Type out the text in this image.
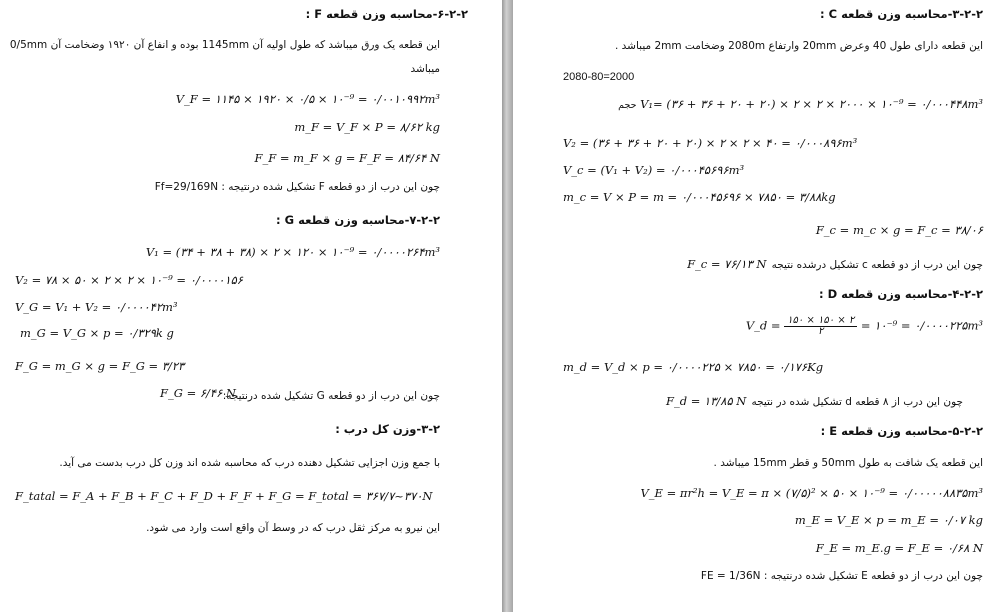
۶-۲-۲-محاسبه وزن قطعه F :
این قطعه یک ورق میباشد که طول اولیه آن 1145mm بوده و انفاع آن ۱۹۲۰ وضخامت آن 0/5mm
میباشد
V_F = ۱۱۴۵ × ۱۹۲۰ × ۰/۵ × ۱۰⁻⁹ = ۰/۰۰۱۰۹۹۲m³
m_F = V_F × P = ۸/۶۲ kg
F_F = m_F × g = F_F = ۸۴/۶۴ N
چون این درب از دو قطعه F تشکیل شده درنتیجه : Ff=29/169N
۷-۲-۲-محاسبه وزن قطعه G :
V₁ = (۳۴ + ۳۸ + ۳۸) × ۲ × ۱۲۰ × ۱۰⁻⁹ = ۰/۰۰۰۰۲۶۴m³
V₂ = ۷۸ × ۵۰ × ۲ × ۲ × ۱۰⁻⁹ = ۰/۰۰۰۰۱۵۶
V_G = V₁ + V₂ = ۰/۰۰۰۰۴۲m³
m_G = V_G × p = ۰/۳۲۹k g
F_G = m_G × g = F_G = ۳/۲۳
چون این درب از دو قطعه G تشکیل شده درنتیجه:
F_G = ۶/۴۶ N
۳-۲-وزن کل درب :
با جمع وزن اجزایی تشکیل دهنده درب که محاسبه شده اند وزن کل درب بدست می آید.
F_tatal = F_A + F_B + F_C + F_D + F_F + F_G = F_total = ۳۶۷/۷~۳۷۰N
این نیرو به مرکز ثقل درب که در وسط آن واقع است وارد می شود.
۳-۲-۲-محاسبه وزن قطعه C :
این قطعه دارای طول 40 وعرض 20mm وارتفاع 2080m وضخامت 2mm میباشد .
2080-80=2000
حجم V₁= (۳۶ + ۳۶ + ۲۰ + ۲۰) × ۲ × ۲ × ۲۰۰۰ × ۱۰⁻⁹ = ۰/۰۰۰۴۴۸m³
V₂ = (۳۶ + ۳۶ + ۲۰ + ۲۰) × ۲ × ۲ × ۴۰ = ۰/۰۰۰۸۹۶m³
V_c = (V₁ + V₂) = ۰/۰۰۰۴۵۶۹۶m³
m_c = V × P = m = ۰/۰۰۰۴۵۶۹۶ × ۷۸۵۰ = ۳/۸۸kg
F_c = m_c × g = F_c = ۳۸/۰۶
F_c = ۷۶/۱۳ N چون این درب از دو قطعه c تشکیل درشده نتیجه
۴-۲-۲-محاسبه وزن قطعه D :
V_d = $\frac{۱۵۰ \times ۱۵۰ \times ۲}{۲}$ = ۱۰⁻⁹ = ۰/۰۰۰۰۲۲۵m³
m_d = V_d × p = ۰/۰۰۰۰۲۲۵ × ۷۸۵۰ = ۰/۱۷۶Kg
F_d = ۱۳/۸۵ N چون این درب از ۸ قطعه d تشکیل شده در نتیجه
۵-۲-۲-محاسبه وزن قطعه E :
این قطعه یک شافت به طول 50mm و قطر 15mm میباشد .
V_E = πr²h = V_E = π × (۷/۵)² × ۵۰ × ۱۰⁻⁹ = ۰/۰۰۰۰۰۸۸۳۵m³
m_E = V_E × p = m_E = ۰/۰۷ kg
F_E = m_E.g = F_E = ۰/۶۸ N
چون این درب از دو قطعه E تشکیل شده درنتیجه : FE = 1/36N
